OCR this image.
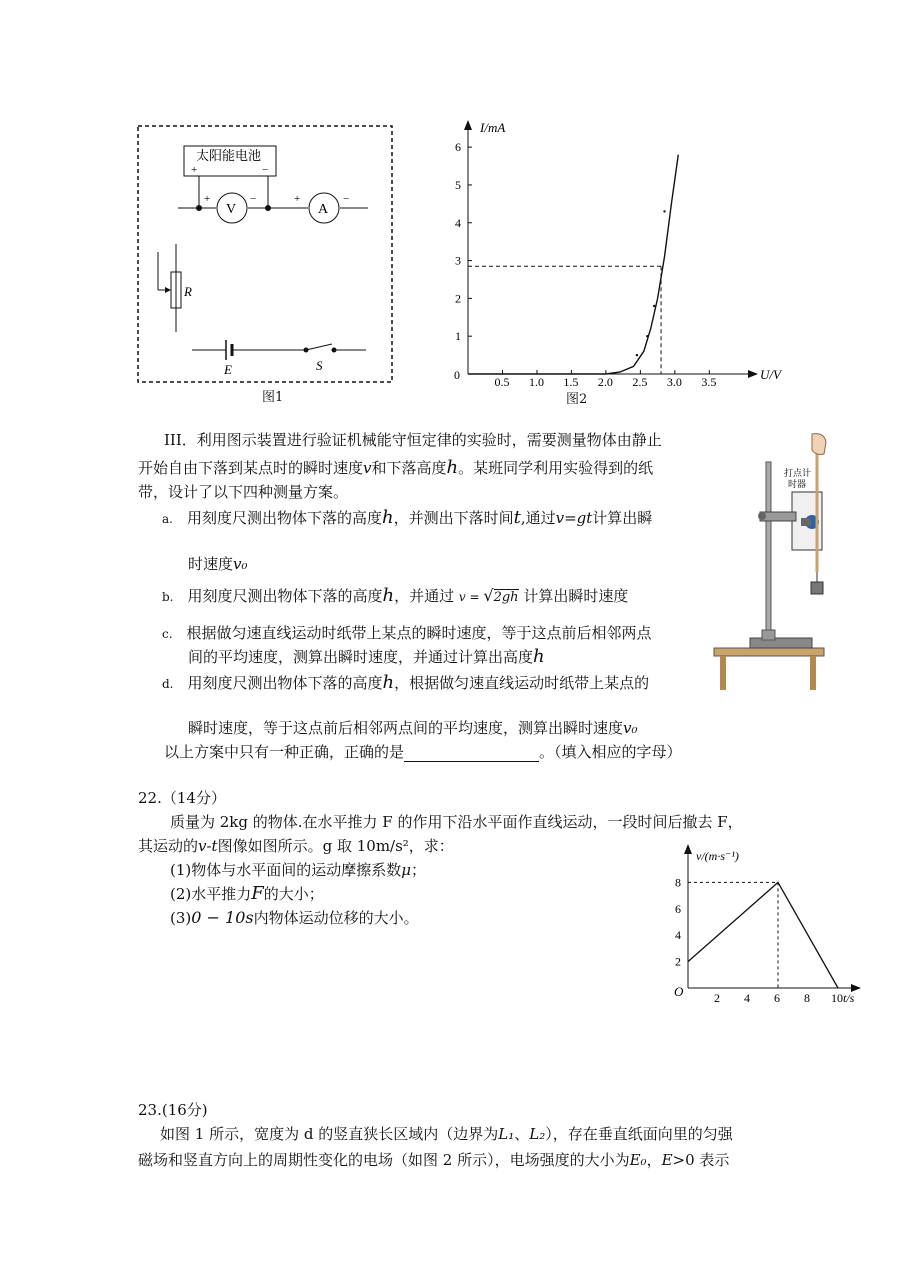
太阳能电池
+	−
V
+	−
A
+	−
R
E	S
图1
I/mA
U/V
0	0.5 1.0 1.5 2.0 2.5 3.0 3.5
1
2
3
4
5
6
图2
III．利用图示装置进行验证机械能守恒定律的实验时，需要测量物体由静止
开始自由下落到某点时的瞬时速度v和下落高度h。某班同学利用实验得到的纸
带，设计了以下四种测量方案。
a. 用刻度尺测出物体下落的高度h，并测出下落时间t,通过v=gt计算出瞬
时速度v₀
b. 用刻度尺测出物体下落的高度h，并通过 v = √2gh 计算出瞬时速度
c. 根据做匀速直线运动时纸带上某点的瞬时速度，等于这点前后相邻两点
间的平均速度，测算出瞬时速度，并通过计算出高度h
d. 用刻度尺测出物体下落的高度h，根据做匀速直线运动时纸带上某点的
瞬时速度，等于这点前后相邻两点间的平均速度，测算出瞬时速度v₀
以上方案中只有一种正确，正确的是	。（填入相应的字母）
打点计
时器
22.（14分）
质量为 2kg 的物体.在水平推力 F 的作用下沿水平面作直线运动，一段时间后撤去 F，
其运动的v-t图像如图所示。g 取 10m/s²，求：
(1)物体与水平面间的运动摩擦系数μ；
(2)水平推力F的大小；
(3)0 − 10s内物体运动位移的大小。
v/(m·s⁻¹)
t/s
O	2 4 6 8 10
2
4
6
8
23.(16分)
如图 1 所示，宽度为 d 的竖直狭长区域内（边界为L₁、L₂），存在垂直纸面向里的匀强
磁场和竖直方向上的周期性变化的电场（如图 2 所示），电场强度的大小为E₀，E>0 表示
